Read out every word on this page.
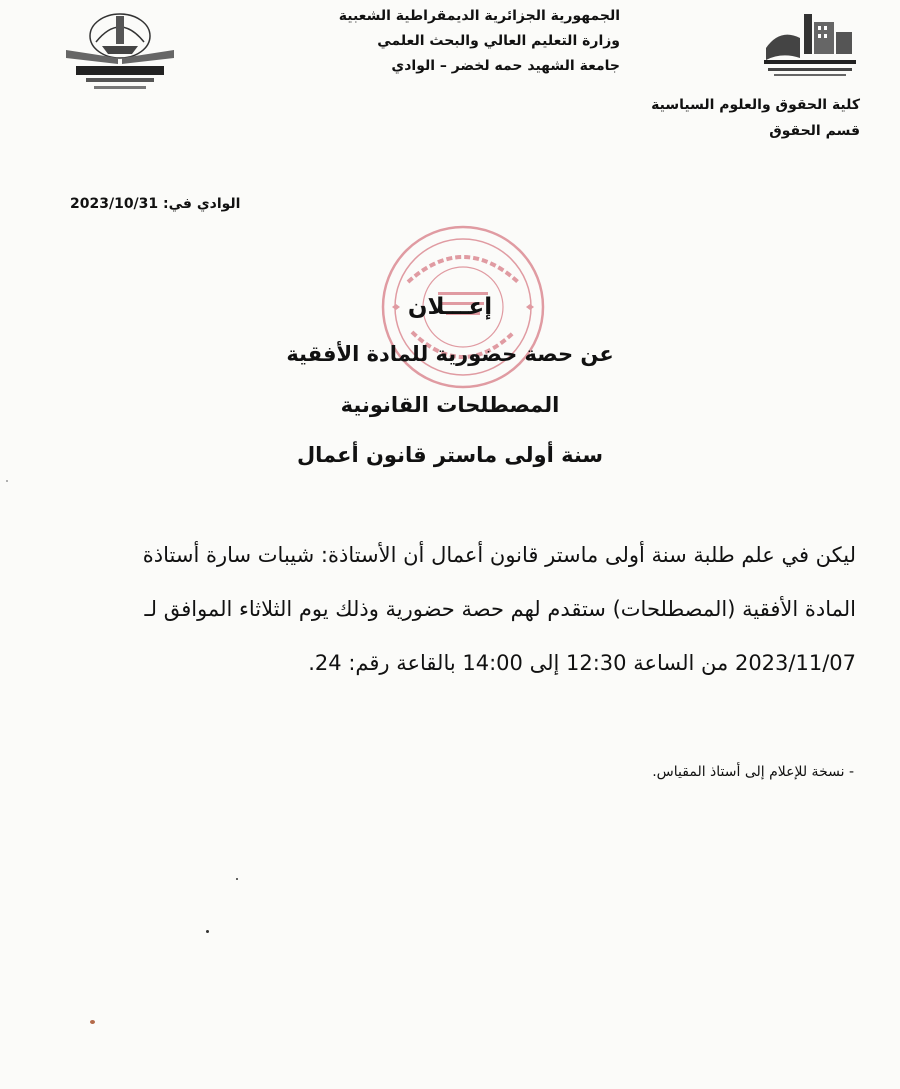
الجمهورية الجزائرية الديمقراطية الشعبية
وزارة التعليم العالي والبحث العلمي
جامعة الشهيد حمه لخضر – الوادي
كلية الحقوق والعلوم السياسية
قسم الحقوق
الوادي في: 2023/10/31
إعـــلان
عن حصة حضورية للمادة الأفقية
المصطلحات القانونية
سنة أولى ماستر قانون أعمال
ليكن في علم طلبة سنة أولى ماستر قانون أعمال أن الأستاذة: شيبات سارة أستاذة
المادة الأفقية (المصطلحات) ستقدم لهم حصة حضورية وذلك يوم الثلاثاء الموافق لـ
2023/11/07 من الساعة 12:30 إلى 14:00 بالقاعة رقم: 24.
- نسخة للإعلام إلى أستاذ المقياس.
